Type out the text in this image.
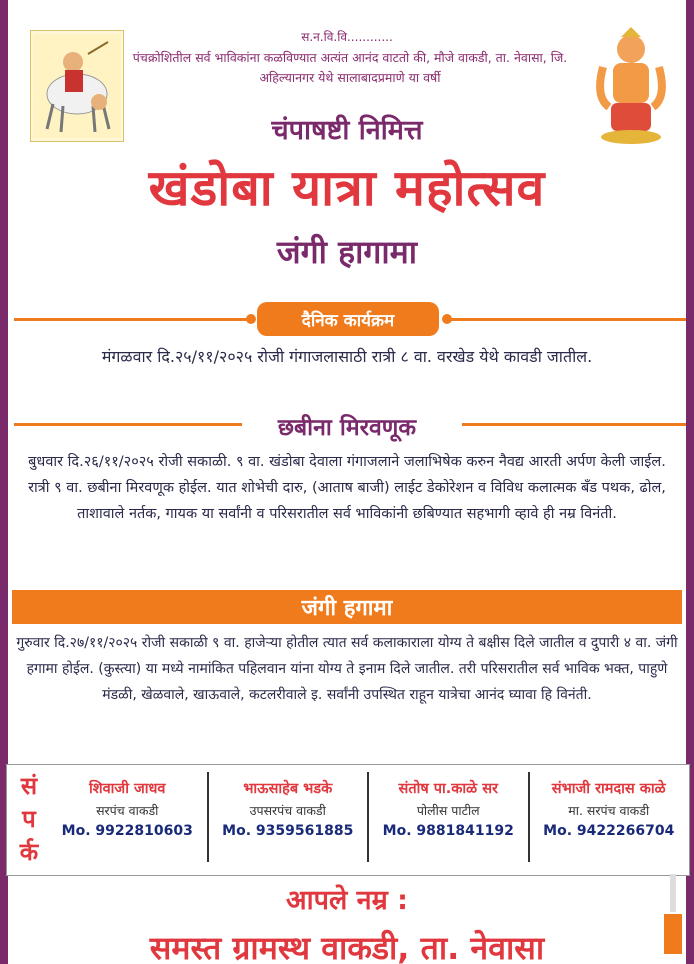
स.न.वि.वि............
पंचक्रोशितील सर्व भाविकांना कळविण्यात अत्यंत आनंद वाटतो की, मौजे वाकडी, ता. नेवासा, जि. अहिल्यानगर येथे सालाबादप्रमाणे या वर्षी
चंपाषष्टी निमित्त
खंडोबा यात्रा महोत्सव
जंगी हागामा
दैनिक कार्यक्रम
मंगळवार दि.२५/११/२०२५ रोजी गंगाजलासाठी रात्री ८ वा. वरखेड येथे कावडी जातील.
छबीना मिरवणूक
बुधवार दि.२६/११/२०२५ रोजी सकाळी. ९ वा. खंडोबा देवाला गंगाजलाने जलाभिषेक करुन नैवद्य आरती अर्पण केली जाईल. रात्री ९ वा. छबीना मिरवणूक होईल. यात शोभेची दारु, (आताष बाजी) लाईट डेकोरेशन व विविध कलात्मक बँड पथक, ढोल, ताशावाले नर्तक, गायक या सर्वांनी व परिसरातील सर्व भाविकांनी छबिण्यात सहभागी व्हावे ही नम्र विनंती.
जंगी हगामा
गुरुवार दि.२७/११/२०२५ रोजी सकाळी ९ वा. हाजेऱ्या होतील त्यात सर्व कलाकाराला योग्य ते बक्षीस दिले जातील व दुपारी ४ वा. जंगी हगामा होईल. (कुस्त्या) या मध्ये नामांकित पहिलवान यांना योग्य ते इनाम दिले जातील. तरी परिसरातील सर्व भाविक भक्त, पाहुणे मंडळी, खेळवाले, खाऊवाले, कटलरीवाले इ. सर्वांनी उपस्थित राहून यात्रेचा आनंद घ्यावा हि विनंती.
सं
प
र्क
शिवाजी जाधव
सरपंच वाकडी
Mo. 9922810603
भाऊसाहेब भडके
उपसरपंच वाकडी
Mo. 9359561885
संतोष पा.काळे सर
पोलीस पाटील
Mo. 9881841192
संभाजी रामदास काळे
मा. सरपंच वाकडी
Mo. 9422266704
आपले नम्र :
समस्त ग्रामस्थ वाकडी, ता. नेवासा
